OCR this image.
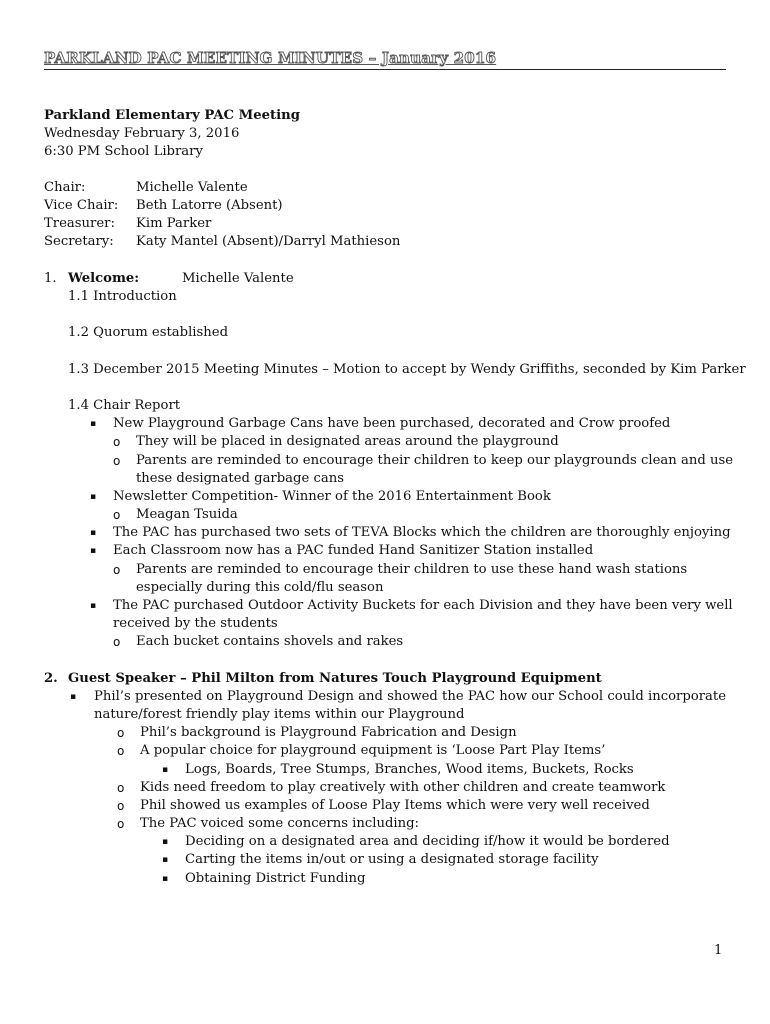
PARKLAND PAC MEETING MINUTES – January 2016
Parkland Elementary PAC Meeting
Wednesday February 3, 2016
6:30 PM School Library
Chair:	Michelle Valente
Vice Chair: Beth Latorre (Absent)
Treasurer: Kim Parker
Secretary: Katy Mantel (Absent)/Darryl Mathieson
1. Welcome:	Michelle Valente
1.1 Introduction
1.2 Quorum established
1.3 December 2015 Meeting Minutes – Motion to accept by Wendy Griffiths, seconded by Kim Parker
1.4 Chair Report
▪ New Playground Garbage Cans have been purchased, decorated and Crow proofed
o They will be placed in designated areas around the playground
o Parents are reminded to encourage their children to keep our playgrounds clean and use
these designated garbage cans
▪ Newsletter Competition- Winner of the 2016 Entertainment Book
o Meagan Tsuida
▪ The PAC has purchased two sets of TEVA Blocks which the children are thoroughly enjoying
▪ Each Classroom now has a PAC funded Hand Sanitizer Station installed
o Parents are reminded to encourage their children to use these hand wash stations
especially during this cold/flu season
▪ The PAC purchased Outdoor Activity Buckets for each Division and they have been very well
received by the students
o Each bucket contains shovels and rakes
2. Guest Speaker – Phil Milton from Natures Touch Playground Equipment
▪ Phil’s presented on Playground Design and showed the PAC how our School could incorporate
nature/forest friendly play items within our Playground
o Phil’s background is Playground Fabrication and Design
o A popular choice for playground equipment is ‘Loose Part Play Items’
▪ Logs, Boards, Tree Stumps, Branches, Wood items, Buckets, Rocks
o Kids need freedom to play creatively with other children and create teamwork
o Phil showed us examples of Loose Play Items which were very well received
o The PAC voiced some concerns including:
▪ Deciding on a designated area and deciding if/how it would be bordered
▪ Carting the items in/out or using a designated storage facility
▪ Obtaining District Funding
1
